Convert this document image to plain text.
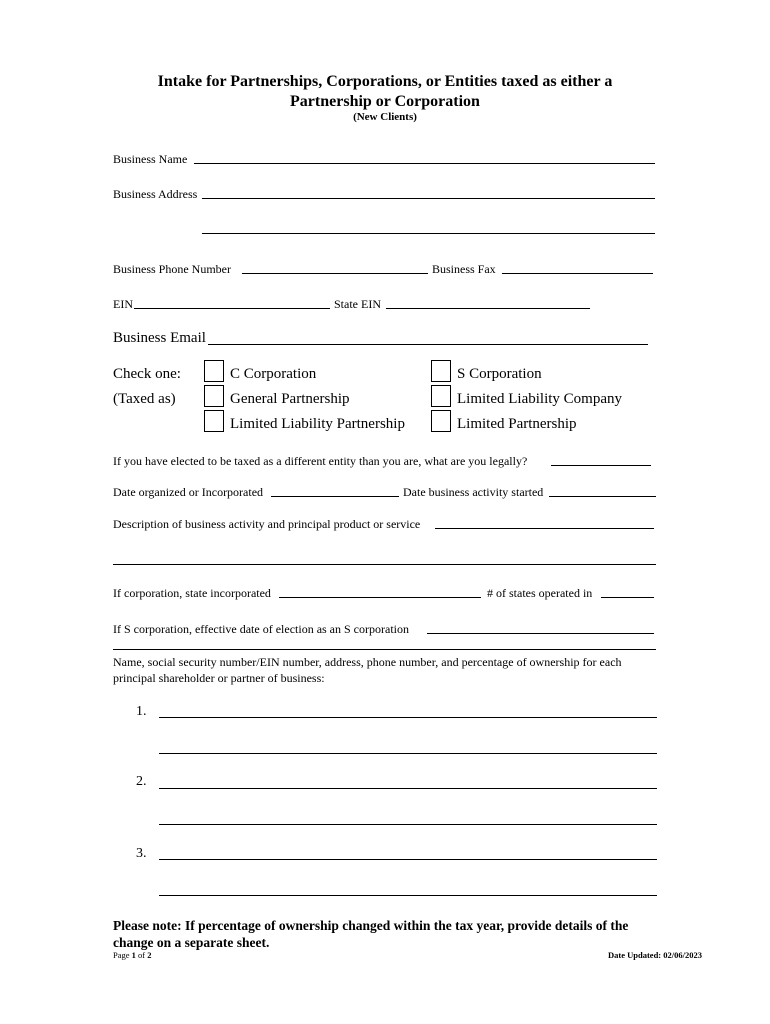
Intake for Partnerships, Corporations, or Entities taxed as either a
Partnership or Corporation
(New Clients)
Business Name
Business Address
Business Phone Number	Business Fax
EIN	State EIN
Business Email
Check one:
(Taxed as)
C Corporation	S Corporation
General Partnership	Limited Liability Company
Limited Liability Partnership	Limited Partnership
If you have elected to be taxed as a different entity than you are, what are you legally?
Date organized or Incorporated	Date business activity started
Description of business activity and principal product or service
If corporation, state incorporated	# of states operated in
If S corporation, effective date of election as an S corporation
Name, social security number/EIN number, address, phone number, and percentage of ownership for each
principal shareholder or partner of business:
1.
2.
3.
Please note: If percentage of ownership changed within the tax year, provide details of the
change on a separate sheet.
Page 1 of 2	Date Updated: 02/06/2023
